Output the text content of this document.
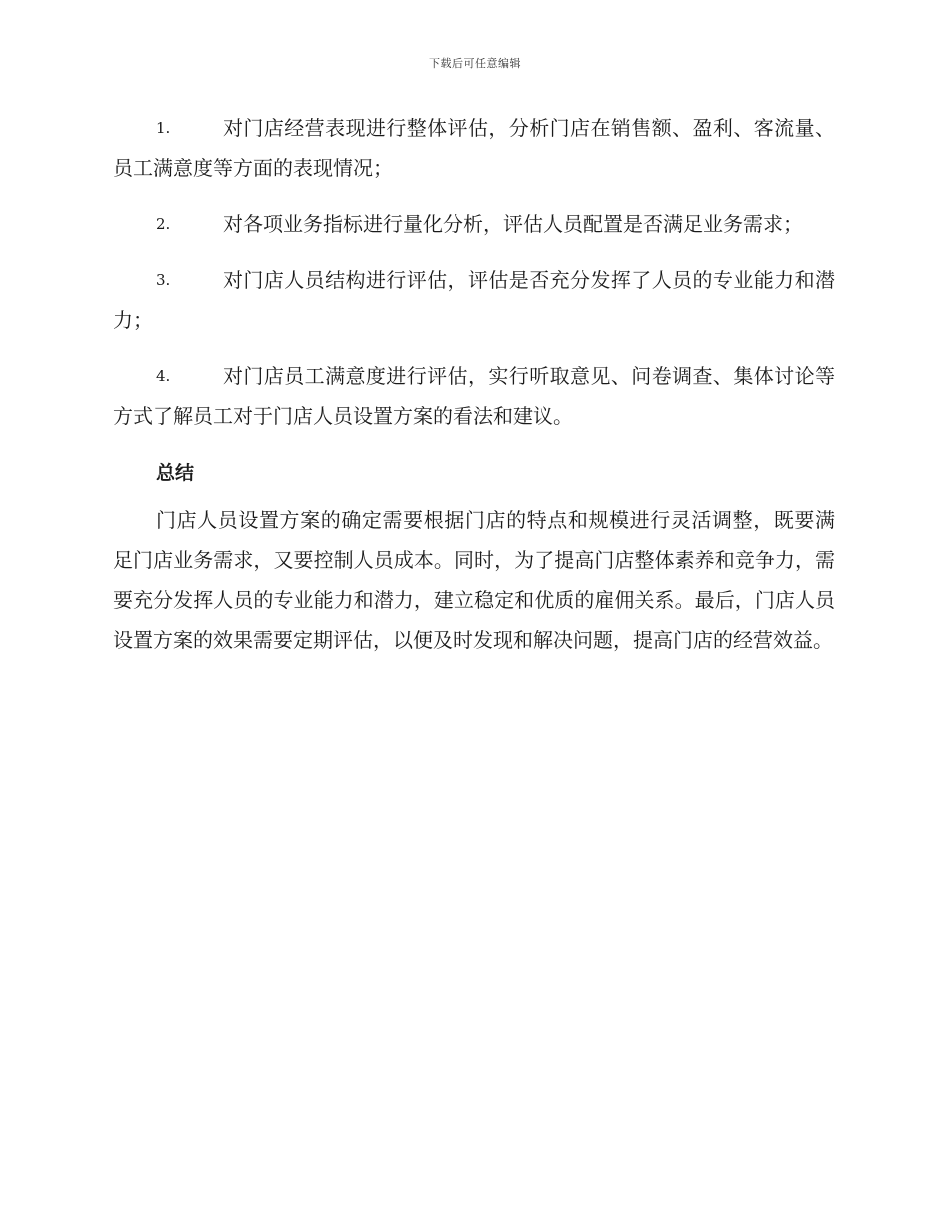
下载后可任意编辑
1.	对门店经营表现进行整体评估，分析门店在销售额、盈利、客流量、员工满意度等方面的表现情况；
2.	对各项业务指标进行量化分析，评估人员配置是否满足业务需求；
3.	对门店人员结构进行评估，评估是否充分发挥了人员的专业能力和潜力；
4.	对门店员工满意度进行评估，实行听取意见、问卷调查、集体讨论等方式了解员工对于门店人员设置方案的看法和建议。
总结

门店人员设置方案的确定需要根据门店的特点和规模进行灵活调整，既要满足门店业务需求，又要控制人员成本。同时，为了提高门店整体素养和竞争力，需要充分发挥人员的专业能力和潜力，建立稳定和优质的雇佣关系。最后，门店人员设置方案的效果需要定期评估，以便及时发现和解决问题，提高门店的经营效益。
